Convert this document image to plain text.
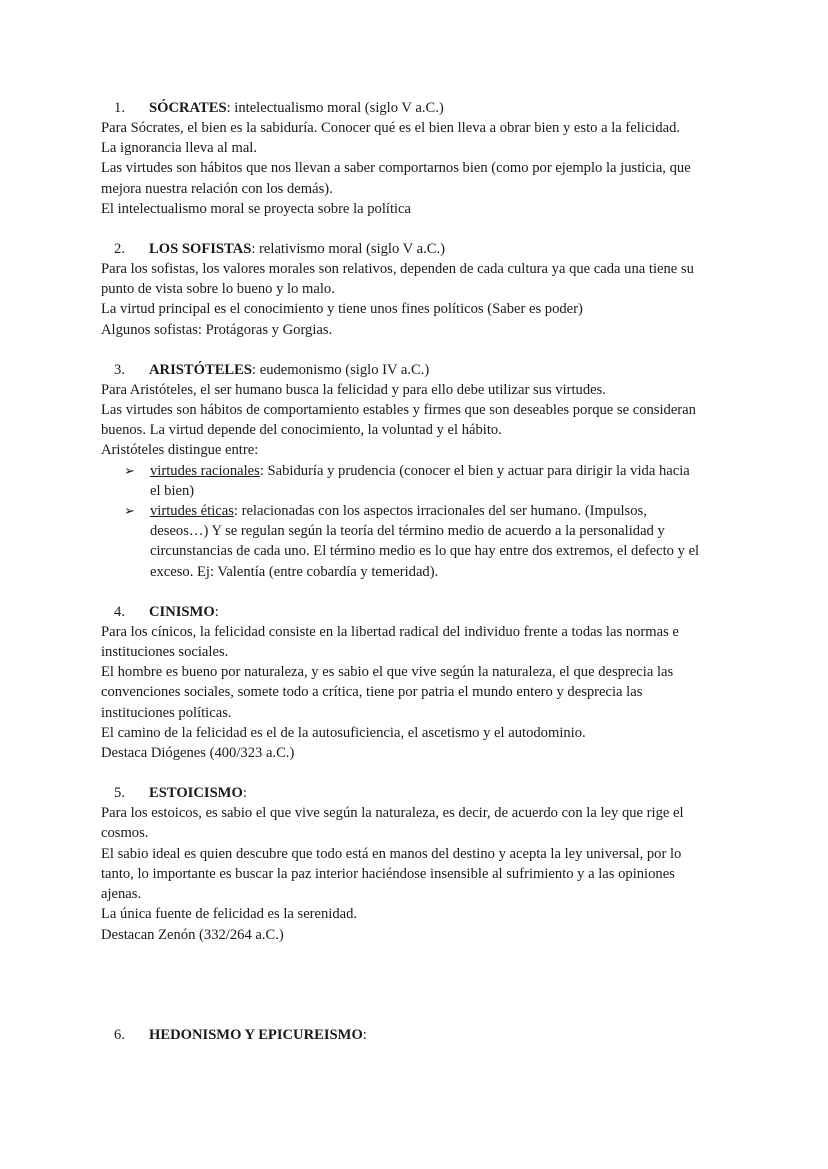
1. SÓCRATES : intelectualismo moral (siglo V a.C.)

Para Sócrates, el bien es la sabiduría. Conocer qué es el bien lleva a obrar bien y esto a la felicidad.

La ignorancia lleva al mal.

Las virtudes son hábitos que nos llevan a saber comportarnos bien (como por ejemplo la justicia, que

mejora nuestra relación con los demás).

El intelectualismo moral se proyecta sobre la política

2. LOS SOFISTAS : relativismo moral (siglo V a.C.)

Para los sofistas, los valores morales son relativos, dependen de cada cultura ya que cada una tiene su

punto de vista sobre lo bueno y lo malo.

La virtud principal es el conocimiento y tiene unos fines políticos (Saber es poder)

Algunos sofistas: Protágoras y Gorgias.

3. ARISTÓTELES : eudemonismo (siglo IV a.C.)

Para Aristóteles, el ser humano busca la felicidad y para ello debe utilizar sus virtudes.

Las virtudes son hábitos de comportamiento estables y firmes que son deseables porque se consideran

buenos. La virtud depende del conocimiento, la voluntad y el hábito.

Aristóteles distingue entre:

➢ virtudes racionales: Sabiduría y prudencia (conocer el bien y actuar para dirigir la vida hacia
el bien)
➢ virtudes éticas: relacionadas con los aspectos irracionales del ser humano. (Impulsos,
deseos…) Y se regulan según la teoría del término medio de acuerdo a la personalidad y
circunstancias de cada uno. El término medio es lo que hay entre dos extremos, el defecto y el
exceso. Ej: Valentía (entre cobardía y temeridad).
4. CINISMO :

Para los cínicos, la felicidad consiste en la libertad radical del individuo frente a todas las normas e

instituciones sociales.

El hombre es bueno por naturaleza, y es sabio el que vive según la naturaleza, el que desprecia las

convenciones sociales, somete todo a crítica, tiene por patria el mundo entero y desprecia las

instituciones políticas.

El camino de la felicidad es el de la autosuficiencia, el ascetismo y el autodominio.

Destaca Diógenes (400/323 a.C.)

5. ESTOICISMO :

Para los estoicos, es sabio el que vive según la naturaleza, es decir, de acuerdo con la ley que rige el

cosmos.

El sabio ideal es quien descubre que todo está en manos del destino y acepta la ley universal, por lo

tanto, lo importante es buscar la paz interior haciéndose insensible al sufrimiento y a las opiniones

ajenas.

La única fuente de felicidad es la serenidad.

Destacan Zenón (332/264 a.C.)

6. HEDONISMO Y EPICUREISMO :
